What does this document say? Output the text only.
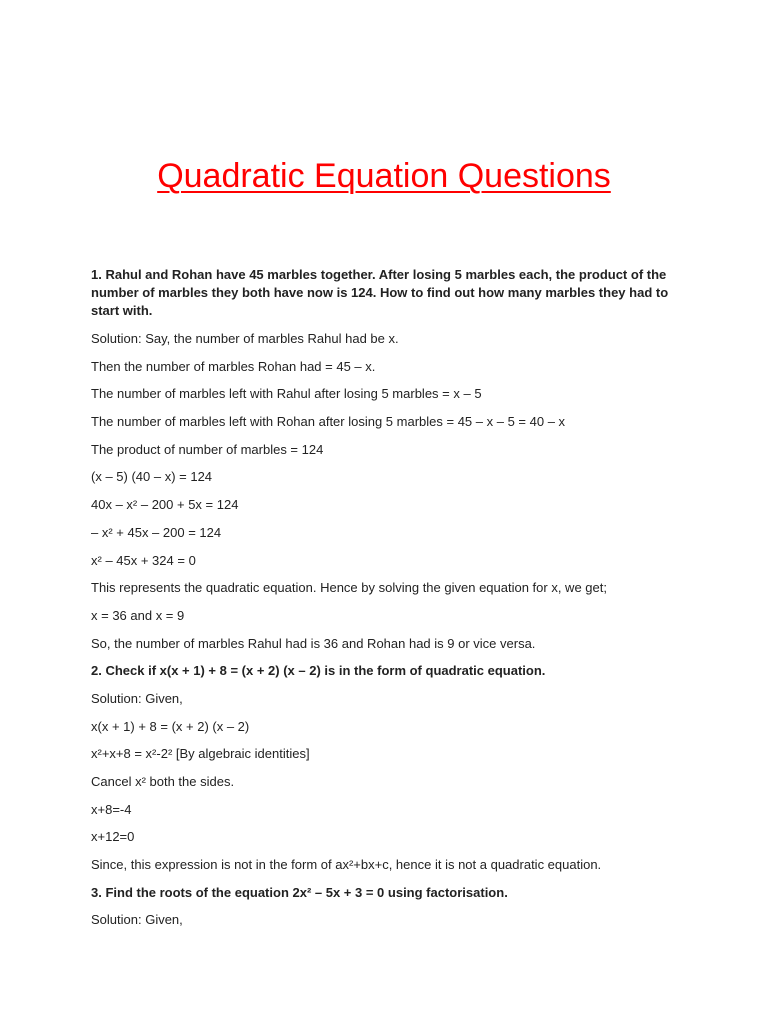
Quadratic Equation Questions

1. Rahul and Rohan have 45 marbles together. After losing 5 marbles each, the product of the number of marbles they both have now is 124. How to find out how many marbles they had to start with.

Solution: Say, the number of marbles Rahul had be x.

Then the number of marbles Rohan had = 45 – x.

The number of marbles left with Rahul after losing 5 marbles = x – 5

The number of marbles left with Rohan after losing 5 marbles = 45 – x – 5 = 40 – x

The product of number of marbles = 124

(x – 5) (40 – x) = 124

40x – x² – 200 + 5x = 124

– x² + 45x – 200 = 124

x² – 45x + 324 = 0

This represents the quadratic equation. Hence by solving the given equation for x, we get;

x = 36 and x = 9

So, the number of marbles Rahul had is 36 and Rohan had is 9 or vice versa.

2. Check if x(x + 1) + 8 = (x + 2) (x – 2) is in the form of quadratic equation.

Solution: Given,

x(x + 1) + 8 = (x + 2) (x – 2)

x²+x+8 = x²-2² [By algebraic identities]

Cancel x² both the sides.

x+8=-4

x+12=0

Since, this expression is not in the form of ax²+bx+c, hence it is not a quadratic equation.

3. Find the roots of the equation 2x² – 5x + 3 = 0 using factorisation.

Solution: Given,
